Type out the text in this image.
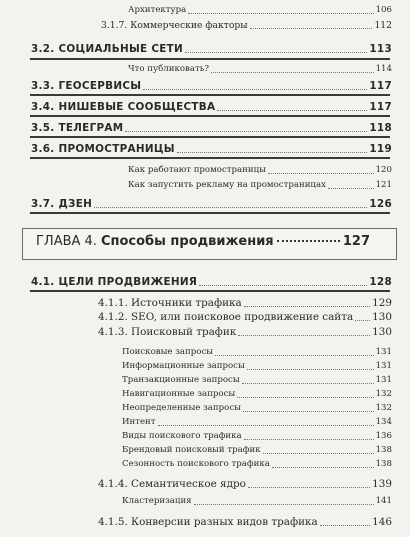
Архитектура	106
3.1.7. Коммерческие факторы	112
3.2. СОЦИАЛЬНЫЕ СЕТИ	113
Что публиковать?	114
3.3. ГЕОСЕРВИСЫ	117
3.4. НИШЕВЫЕ СООБЩЕСТВА	117
3.5. ТЕЛЕГРАМ	118
3.6. ПРОМОСТРАНИЦЫ	119
Как работают промостраницы	120
Как запустить рекламу на промостраницах	121
3.7. ДЗЕН	126
ГЛАВА 4. Способы продвижения	127
4.1. ЦЕЛИ ПРОДВИЖЕНИЯ	128
4.1.1. Источники трафика	129
4.1.2. SEO, или поисковое продвижение сайта 130
4.1.3. Поисковый трафик	130
Поисковые запросы	131
Информационные запросы	131
Транзакционные запросы	131
Навигационные запросы	132
Неопределенные запросы	132
Интент	134
Виды поискового трафика	136
Брендовый поисковый трафик	138
Сезонность поискового трафика	138
4.1.4. Семантическое ядро	139
Кластеризация	141
4.1.5. Конверсии разных видов трафика	146
